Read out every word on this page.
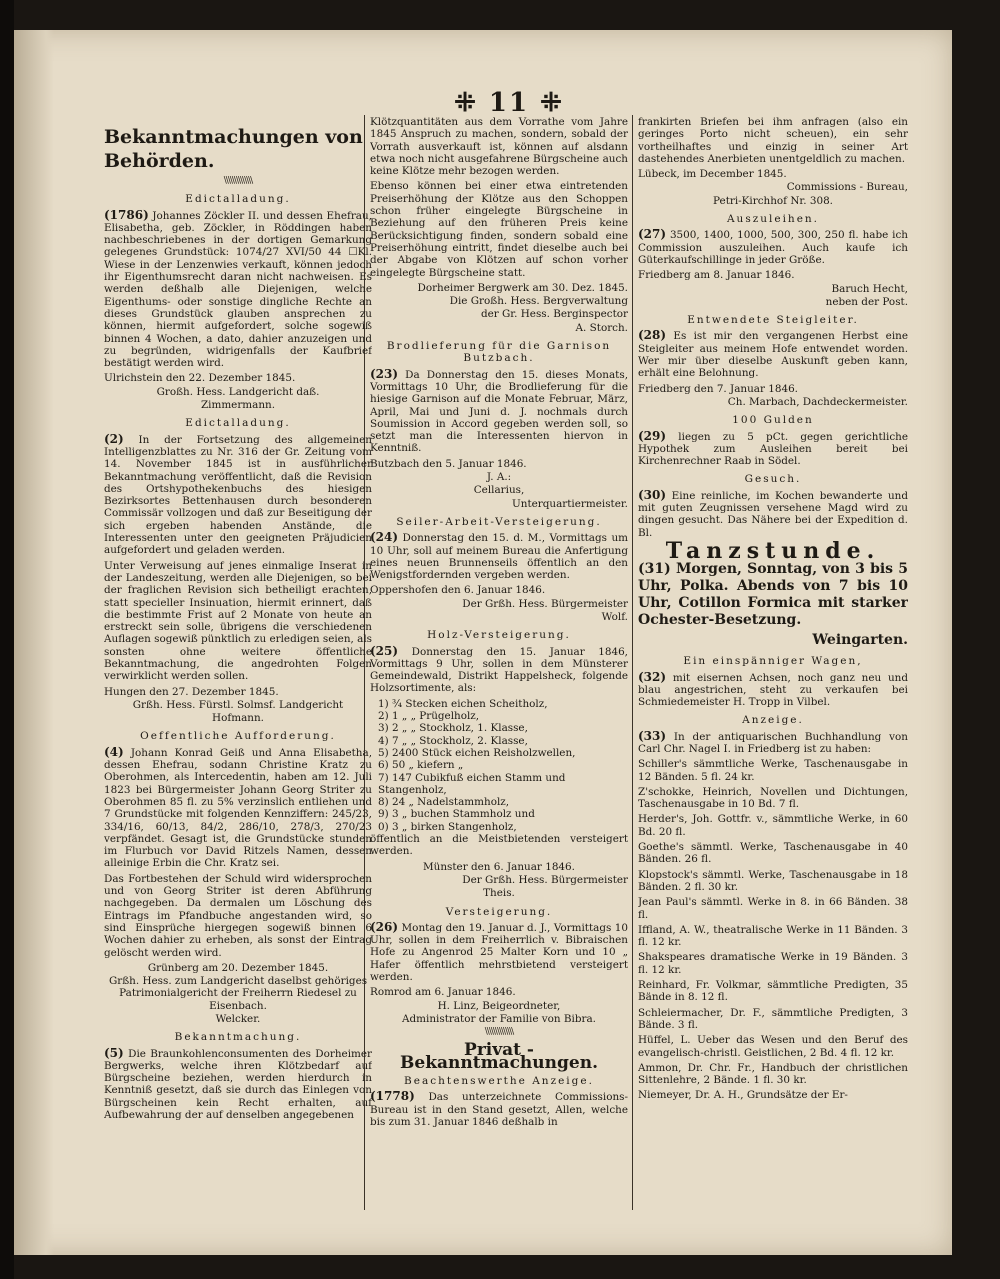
⁜ 11 ⁜
Bekanntmachungen von Behörden.
\\\\\\\\\\\\\\
Edictalladung.

(1786) Johannes Zöckler II. und dessen Ehefrau, Elisabetha, geb. Zöckler, in Röddingen haben nachbeschriebenes in der dortigen Gemarkung gelegenes Grundstück: 1074/27 XVI/50 44 ☐Kl. Wiese in der Lenzenwies verkauft, können jedoch ihr Eigenthumsrecht daran nicht nachweisen. Es werden deßhalb alle Diejenigen, welche Eigenthums- oder sonstige dingliche Rechte an dieses Grundstück glauben ansprechen zu können, hiermit aufgefordert, solche sogewiß binnen 4 Wochen, a dato, dahier anzuzeigen und zu begründen, widrigenfalls der Kaufbrief bestätigt werden wird.

Ulrichstein den 22. Dezember 1845.
Großh. Hess. Landgericht daß.
Zimmermann.
Edictalladung.

(2) In der Fortsetzung des allgemeinen Intelligenzblattes zu Nr. 316 der Gr. Zeitung vom 14. November 1845 ist in ausführlicher Bekanntmachung veröffentlicht, daß die Revision des Ortshypothekenbuchs des hiesigen Bezirksortes Bettenhausen durch besonderen Commissär vollzogen und daß zur Beseitigung der sich ergeben habenden Anstände, die Interessenten unter den geeigneten Präjudicien aufgefordert und geladen werden.

Unter Verweisung auf jenes einmalige Inserat in der Landeszeitung, werden alle Diejenigen, so bei der fraglichen Revision sich betheiligt erachten, statt specieller Insinuation, hiermit erinnert, daß die bestimmte Frist auf 2 Monate von heute an erstreckt sein solle, übrigens die verschiedenen Auflagen sogewiß pünktlich zu erledigen seien, als sonsten ohne weitere öffentliche Bekanntmachung, die angedrohten Folgen verwirklicht werden sollen.

Hungen den 27. Dezember 1845.
Grßh. Hess. Fürstl. Solmsf. Landgericht
Hofmann.
Oeffentliche Aufforderung.

(4) Johann Konrad Geiß und Anna Elisabetha, dessen Ehefrau, sodann Christine Kratz zu Oberohmen, als Intercedentin, haben am 12. Juli 1823 bei Bürgermeister Johann Georg Striter zu Oberohmen 85 fl. zu 5% verzinslich entliehen und 7 Grundstücke mit folgenden Kennziffern: 245/23, 334/16, 60/13, 84/2, 286/10, 278/3, 270/23 verpfändet. Gesagt ist, die Grundstücke stunden im Flurbuch vor David Ritzels Namen, dessen alleinige Erbin die Chr. Kratz sei.

Das Fortbestehen der Schuld wird widersprochen und von Georg Striter ist deren Abführung nachgegeben. Da dermalen um Löschung des Eintrags im Pfandbuche angestanden wird, so sind Einsprüche hiergegen sogewiß binnen 6 Wochen dahier zu erheben, als sonst der Eintrag gelöscht werden wird.

Grünberg am 20. Dezember 1845.
Grßh. Hess. zum Landgericht daselbst gehöriges Patrimonialgericht der Freiherrn Riedesel zu Eisenbach.
Welcker.
Bekanntmachung.

(5) Die Braunkohlenconsumenten des Dorheimer Bergwerks, welche ihren Klötzbedarf auf Bürgscheine beziehen, werden hierdurch in Kenntniß gesetzt, daß sie durch das Einlegen von Bürgscheinen kein Recht erhalten, auf Aufbewahrung der auf denselben angegebenen

Klötzquantitäten aus dem Vorrathe vom Jahre 1845 Anspruch zu machen, sondern, sobald der Vorrath ausverkauft ist, können auf alsdann etwa noch nicht ausgefahrene Bürgscheine auch keine Klötze mehr bezogen werden.

Ebenso können bei einer etwa eintretenden Preiserhöhung der Klötze aus den Schoppen schon früher eingelegte Bürgscheine in Beziehung auf den früheren Preis keine Berücksichtigung finden, sondern sobald eine Preiserhöhung eintritt, findet dieselbe auch bei der Abgabe von Klötzen auf schon vorher eingelegte Bürgscheine statt.

Dorheimer Bergwerk am 30. Dez. 1845.
Die Großh. Hess. Bergverwaltung
der Gr. Hess. Berginspector
A. Storch.
Brodlieferung für die Garnison Butzbach.

(23) Da Donnerstag den 15. dieses Monats, Vormittags 10 Uhr, die Brodlieferung für die hiesige Garnison auf die Monate Februar, März, April, Mai und Juni d. J. nochmals durch Soumission in Accord gegeben werden soll, so setzt man die Interessenten hiervon in Kenntniß.

Butzbach den 5. Januar 1846.
J. A.:
Cellarius,
Unterquartiermeister.
Seiler-Arbeit-Versteigerung.

(24) Donnerstag den 15. d. M., Vormittags um 10 Uhr, soll auf meinem Bureau die Anfertigung eines neuen Brunnenseils öffentlich an den Wenigstfordernden vergeben werden.

Oppershofen den 6. Januar 1846.
Der Grßh. Hess. Bürgermeister
Wolf.
Holz-Versteigerung.

(25) Donnerstag den 15. Januar 1846, Vormittags 9 Uhr, sollen in dem Münsterer Gemeindewald, Distrikt Happelsheck, folgende Holzsortimente, als:

1) ¾ Stecken eichen Scheitholz,
2) 1 „ „ Prügelholz,
3) 2 „ „ Stockholz, 1. Klasse,
4) 7 „ „ Stockholz, 2. Klasse,
5) 2400 Stück eichen Reisholzwellen,
6) 50 „ kiefern „
7) 147 Cubikfuß eichen Stamm und Stangenholz,
8) 24 „ Nadelstammholz,
9) 3 „ buchen Stammholz und
0) 3 „ birken Stangenholz,

öffentlich an die Meistbietenden versteigert werden.

Münster den 6. Januar 1846.
Der Grßh. Hess. Bürgermeister
Theis.
Versteigerung.

(26) Montag den 19. Januar d. J., Vormittags 10 Uhr, sollen in dem Freiherrlich v. Bibraischen Hofe zu Angenrod 25 Malter Korn und 10 „ Hafer öffentlich mehrstbietend versteigert werden.

Romrod am 6. Januar 1846.
H. Linz, Beigeordneter,
Administrator der Familie von Bibra.
\\\\\\\\\\\\\\
Privat - Bekanntmachungen.
Beachtenswerthe Anzeige.

(1778) Das unterzeichnete Commissions-Bureau ist in den Stand gesetzt, Allen, welche bis zum 31. Januar 1846 deßhalb in

frankirten Briefen bei ihm anfragen (also ein geringes Porto nicht scheuen), ein sehr vortheilhaftes und einzig in seiner Art dastehendes Anerbieten unentgeldlich zu machen.

Lübeck, im December 1845.
Commissions - Bureau,
Petri-Kirchhof Nr. 308.
Auszuleihen.

(27) 3500, 1400, 1000, 500, 300, 250 fl. habe ich Commission auszuleihen. Auch kaufe ich Güterkaufschillinge in jeder Größe.

Friedberg am 8. Januar 1846.
Baruch Hecht,
neben der Post.
Entwendete Steigleiter.

(28) Es ist mir den vergangenen Herbst eine Steigleiter aus meinem Hofe entwendet worden. Wer mir über dieselbe Auskunft geben kann, erhält eine Belohnung.

Friedberg den 7. Januar 1846.
Ch. Marbach, Dachdeckermeister.
100 Gulden

(29) liegen zu 5 pCt. gegen gerichtliche Hypothek zum Ausleihen bereit bei Kirchenrechner Raab in Södel.

Gesuch.

(30) Eine reinliche, im Kochen bewanderte und mit guten Zeugnissen versehene Magd wird zu dingen gesucht. Das Nähere bei der Expedition d. Bl.

Tanzstunde.

(31) Morgen, Sonntag, von 3 bis 5 Uhr, Polka. Abends von 7 bis 10 Uhr, Cotillon Formica mit starker Ochester-Besetzung.

Weingarten.
Ein einspänniger Wagen,

(32) mit eisernen Achsen, noch ganz neu und blau angestrichen, steht zu verkaufen bei Schmiedemeister H. Tropp in Vilbel.

Anzeige.

(33) In der antiquarischen Buchhandlung von Carl Chr. Nagel I. in Friedberg ist zu haben:

Schiller's sämmtliche Werke, Taschenausgabe in 12 Bänden. 5 fl. 24 kr.

Z'schokke, Heinrich, Novellen und Dichtungen, Taschenausgabe in 10 Bd. 7 fl.

Herder's, Joh. Gottfr. v., sämmtliche Werke, in 60 Bd. 20 fl.

Goethe's sämmtl. Werke, Taschenausgabe in 40 Bänden. 26 fl.

Klopstock's sämmtl. Werke, Taschenausgabe in 18 Bänden. 2 fl. 30 kr.

Jean Paul's sämmtl. Werke in 8. in 66 Bänden. 38 fl.

Iffland, A. W., theatralische Werke in 11 Bänden. 3 fl. 12 kr.

Shakspeares dramatische Werke in 19 Bänden. 3 fl. 12 kr.

Reinhard, Fr. Volkmar, sämmtliche Predigten, 35 Bände in 8. 12 fl.

Schleiermacher, Dr. F., sämmtliche Predigten, 3 Bände. 3 fl.

Hüffel, L. Ueber das Wesen und den Beruf des evangelisch-christl. Geistlichen, 2 Bd. 4 fl. 12 kr.

Ammon, Dr. Chr. Fr., Handbuch der christlichen Sittenlehre, 2 Bände. 1 fl. 30 kr.

Niemeyer, Dr. A. H., Grundsätze der Er-
